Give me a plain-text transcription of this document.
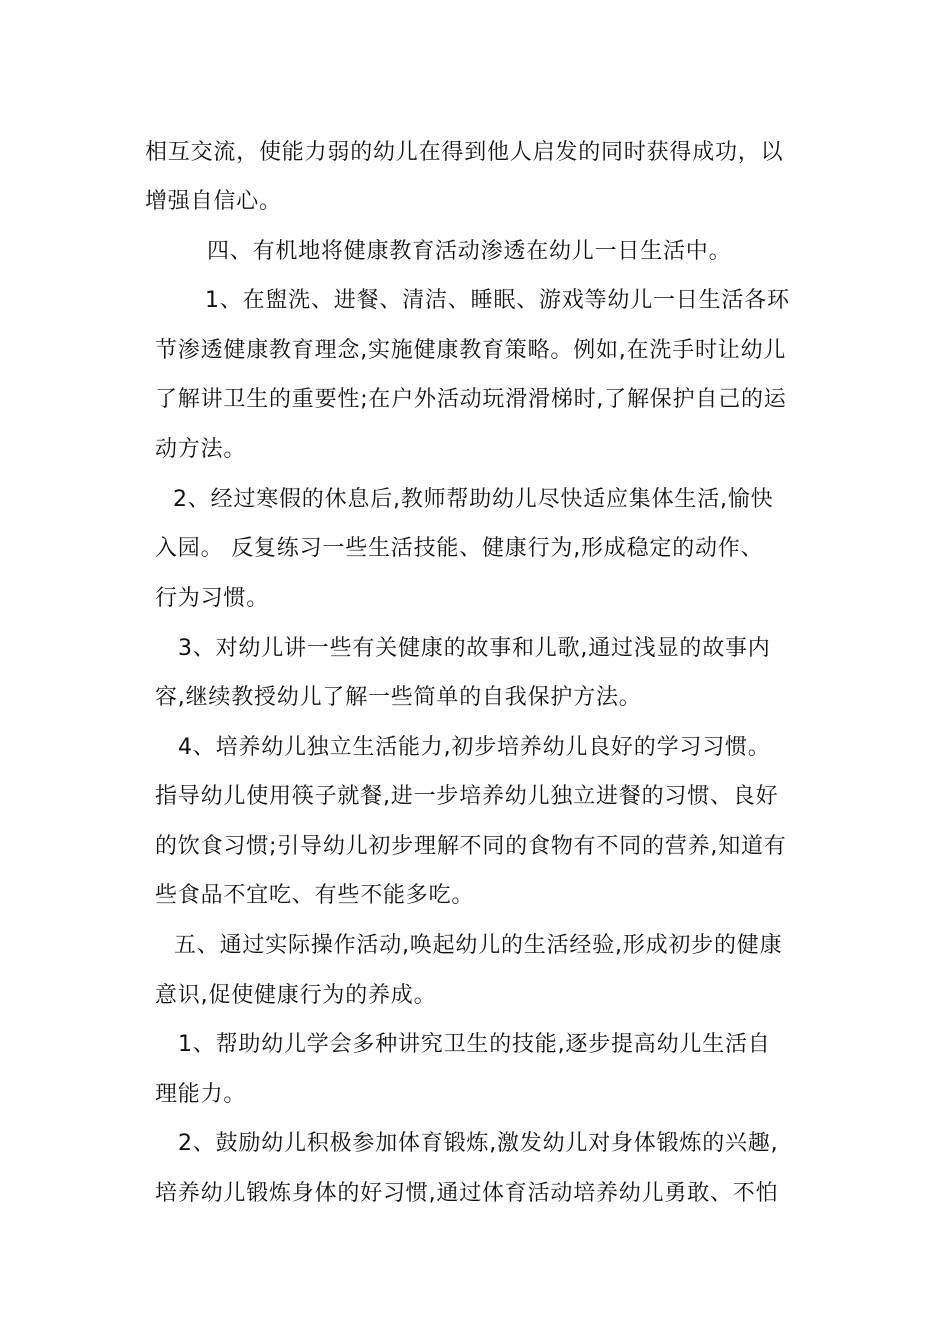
相互交流，使能力弱的幼儿在得到他人启发的同时获得成功，以
增强自信心。
四、有机地将健康教育活动渗透在幼儿一日生活中。
1、在盥洗、进餐、清洁、睡眠、游戏等幼儿一日生活各环
节渗透健康教育理念,实施健康教育策略。例如,在洗手时让幼儿
了解讲卫生的重要性;在户外活动玩滑滑梯时,了解保护自己的运
动方法。
2、经过寒假的休息后,教师帮助幼儿尽快适应集体生活,愉快
入园。 反复练习一些生活技能、健康行为,形成稳定的动作、
行为习惯。
3、对幼儿讲一些有关健康的故事和儿歌,通过浅显的故事内
容,继续教授幼儿了解一些简单的自我保护方法。
4、培养幼儿独立生活能力,初步培养幼儿良好的学习习惯。
指导幼儿使用筷子就餐,进一步培养幼儿独立进餐的习惯、良好
的饮食习惯;引导幼儿初步理解不同的食物有不同的营养,知道有
些食品不宜吃、有些不能多吃。
五、通过实际操作活动,唤起幼儿的生活经验,形成初步的健康
意识,促使健康行为的养成。
1、帮助幼儿学会多种讲究卫生的技能,逐步提高幼儿生活自
理能力。
2、鼓励幼儿积极参加体育锻炼,激发幼儿对身体锻炼的兴趣,
培养幼儿锻炼身体的好习惯,通过体育活动培养幼儿勇敢、不怕
